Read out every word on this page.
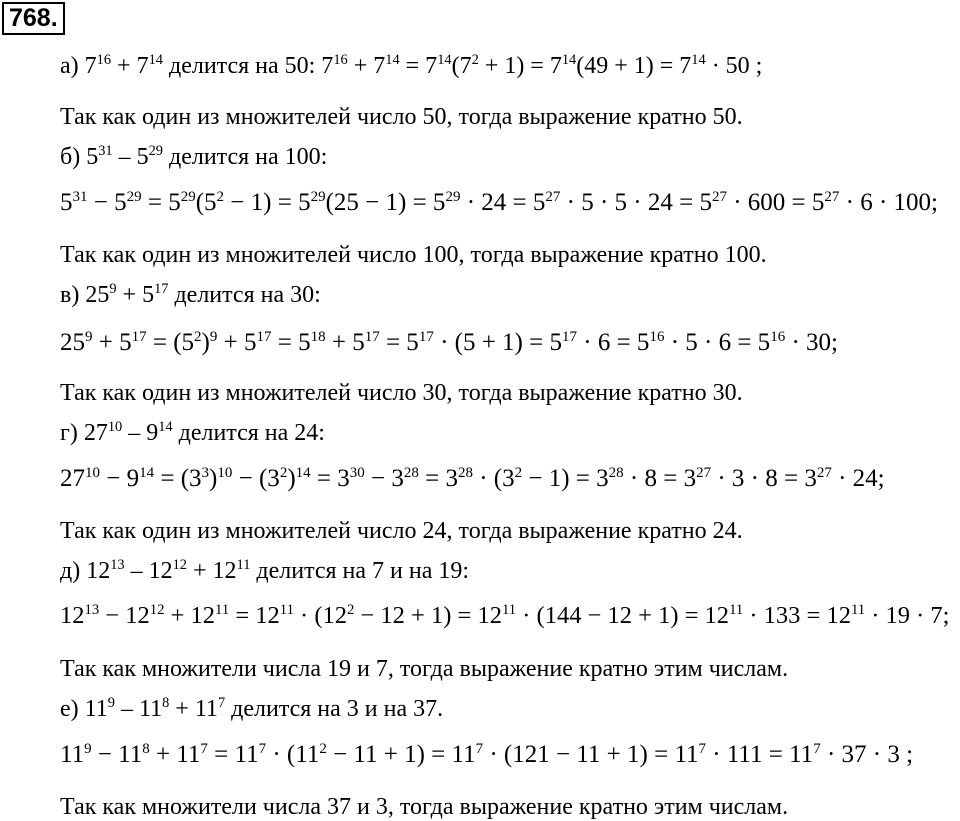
768.
а) $7^{16} + 7^{14}$ делится на 50: $7^{16} + 7^{14} = 7^{14}(7^2 + 1) = 7^{14}(49 + 1) = 7^{14} \cdot 50$ ;
Так как один из множителей число 50, тогда выражение кратно 50.
б) $5^{31} - 5^{29}$ делится на 100:
$5^{31} - 5^{29} = 5^{29}(5^2 - 1) = 5^{29}(25 - 1) = 5^{29} \cdot 24 = 5^{27} \cdot 5 \cdot 5 \cdot 24 = 5^{27} \cdot 600 = 5^{27} \cdot 6 \cdot 100$;
Так как один из множителей число 100, тогда выражение кратно 100.
в) $25^9 + 5^{17}$ делится на 30:
$25^9 + 5^{17} = (5^2)^9 + 5^{17} = 5^{18} + 5^{17} = 5^{17} \cdot (5 + 1) = 5^{17} \cdot 6 = 5^{16} \cdot 5 \cdot 6 = 5^{16} \cdot 30$;
Так как один из множителей число 30, тогда выражение кратно 30.
г) $27^{10} - 9^{14}$ делится на 24:
$27^{10} - 9^{14} = (3^3)^{10} - (3^2)^{14} = 3^{30} - 3^{28} = 3^{28} \cdot (3^2 - 1) = 3^{28} \cdot 8 = 3^{27} \cdot 3 \cdot 8 = 3^{27} \cdot 24$;
Так как один из множителей число 24, тогда выражение кратно 24.
д) $12^{13} - 12^{12} + 12^{11}$ делится на 7 и на 19:
$12^{13} - 12^{12} + 12^{11} = 12^{11} \cdot (12^2 - 12 + 1) = 12^{11} \cdot (144 - 12 + 1) = 12^{11} \cdot 133 = 12^{11} \cdot 19 \cdot 7$;
Так как множители числа 19 и 7, тогда выражение кратно этим числам.
е) $11^9 - 11^8 + 11^7$ делится на 3 и на 37.
$11^9 - 11^8 + 11^7 = 11^7 \cdot (11^2 - 11 + 1) = 11^7 \cdot (121 - 11 + 1) = 11^7 \cdot 111 = 11^7 \cdot 37 \cdot 3$ ;
Так как множители числа 37 и 3, тогда выражение кратно этим числам.
